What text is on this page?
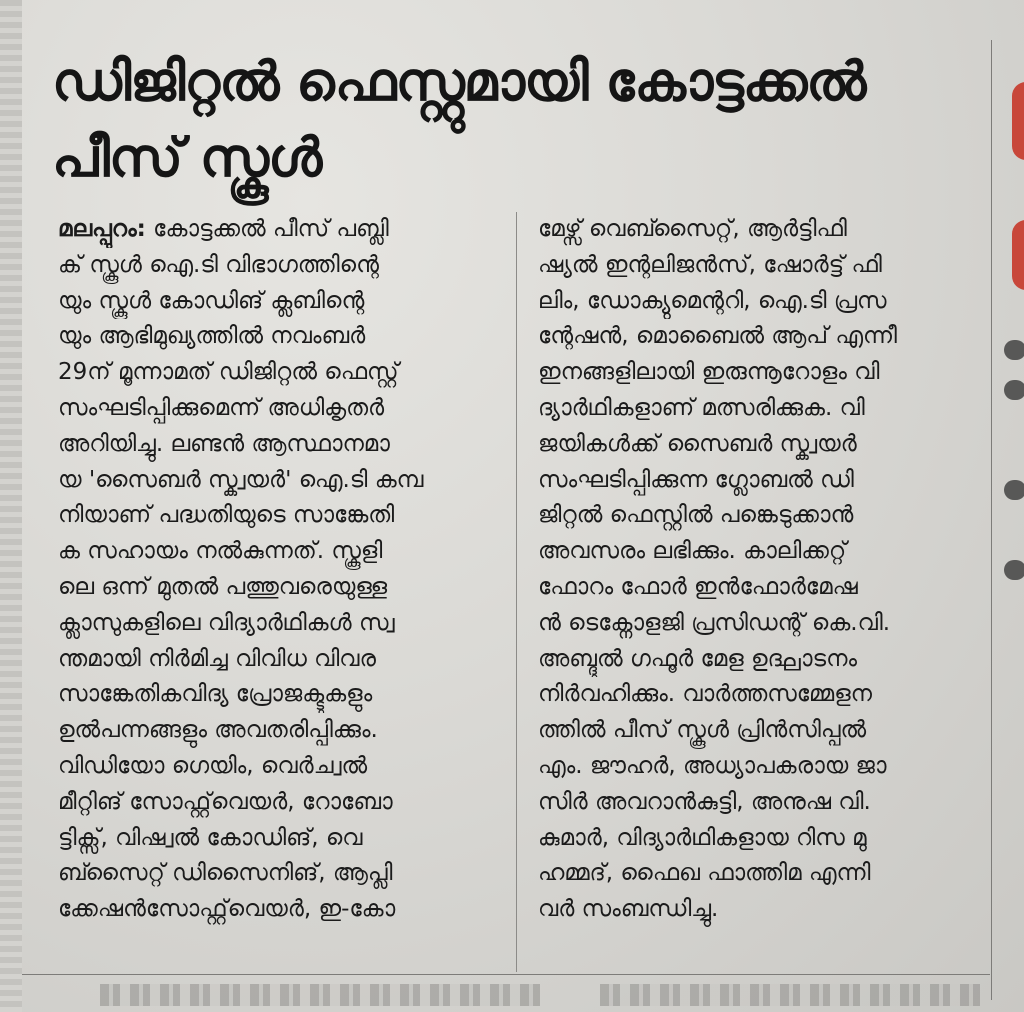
ഡിജിറ്റൽ ഫെസ്റ്റുമായി കോട്ടക്കൽ
പീസ് സ്കൂൾ
മലപ്പുറം: കോട്ടക്കൽ പീസ് പബ്ലി
ക് സ്കൂൾ ഐ.ടി വിഭാഗത്തിന്റെ
യും സ്കൂൾ കോഡിങ് ക്ലബിന്റെ
യും ആഭിമുഖ്യത്തിൽ നവംബർ
29ന് മൂന്നാമത് ഡിജിറ്റൽ ഫെസ്റ്റ്
സംഘടിപ്പിക്കുമെന്ന് അധികൃതർ
അറിയിച്ചു. ലണ്ടൻ ആസ്ഥാനമാ
യ 'സൈബർ സ്ക്വയർ' ഐ.ടി കമ്പ
നിയാണ് പദ്ധതിയുടെ സാങ്കേതി
ക സഹായം നൽകുന്നത്. സ്കൂളി
ലെ ഒന്ന് മുതൽ പത്തുവരെയുള്ള
ക്ലാസുകളിലെ വിദ്യാർഥികൾ സ്വ
ന്തമായി നിർമിച്ച വിവിധ വിവര
സാങ്കേതികവിദ്യ പ്രോജക്ടുകളും
ഉൽപന്നങ്ങളും അവതരിപ്പിക്കും.
വിഡിയോ ഗെയിം, വെർച്വൽ
മീറ്റിങ് സോഫ്റ്റ്‌വെയർ, റോബോ
ട്ടിക്സ്, വിഷ്വൽ കോഡിങ്, വെ
ബ്സൈറ്റ് ഡിസൈനിങ്, ആപ്ലി
ക്കേഷൻസോഫ്റ്റ്‌വെയർ, ഇ-കോ
മേഴ്സ് വെബ്സൈറ്റ്, ആർട്ടിഫി
ഷ്യൽ ഇന്റലിജൻസ്, ഷോർട്ട് ഫി
ലിം, ഡോക്യുമെന്ററി, ഐ.ടി പ്രസ
ന്റേഷൻ, മൊബൈൽ ആപ് എന്നീ
ഇനങ്ങളിലായി ഇരുന്നൂറോളം വി
ദ്യാർഥികളാണ് മത്സരിക്കുക. വി
ജയികൾക്ക് സൈബർ സ്ക്വയർ
സംഘടിപ്പിക്കുന്ന ഗ്ലോബൽ ഡി
ജിറ്റൽ ഫെസ്റ്റിൽ പങ്കെടുക്കാൻ
അവസരം ലഭിക്കും. കാലിക്കറ്റ്
ഫോറം ഫോർ ഇൻഫോർമേഷ
ൻ ടെക്നോളജി പ്രസിഡന്റ് കെ.വി.
അബ്ദുൽ ഗഫൂർ മേള ഉദ്ഘാടനം
നിർവഹിക്കും. വാർത്തസമ്മേളന
ത്തിൽ പീസ് സ്കൂൾ പ്രിൻസിപ്പൽ
എം. ജൗഹർ, അധ്യാപകരായ ജാ
സിർ അവറാൻകുട്ടി, അനുഷ വി.
കുമാർ, വിദ്യാർഥികളായ റിസ മു
ഹമ്മദ്, ഫൈഖ ഫാത്തിമ എന്നി
വർ സംബന്ധിച്ചു.
